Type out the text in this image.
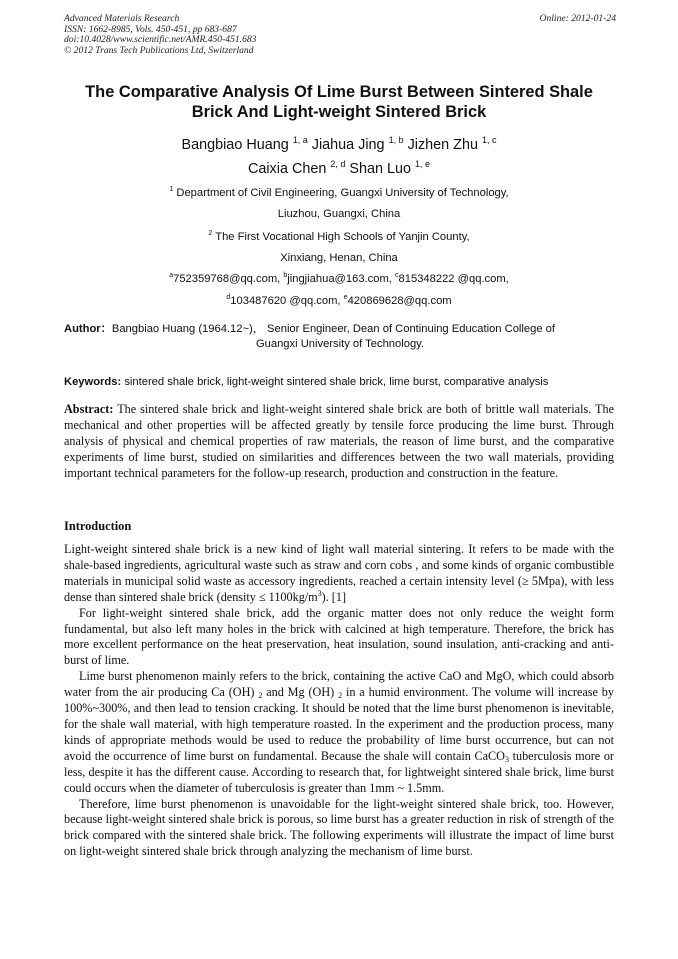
Advanced Materials Research
ISSN: 1662-8985, Vols. 450-451, pp 683-687
doi:10.4028/www.scientific.net/AMR.450-451.683
© 2012 Trans Tech Publications Ltd, Switzerland
Online: 2012-01-24
The Comparative Analysis Of Lime Burst Between Sintered Shale
Brick And Light-weight Sintered Brick
Bangbiao Huang $^{1, a}$ Jiahua Jing $^{1, b}$ Jizhen Zhu $^{1, c}$
Caixia Chen $^{2, d}$ Shan Luo $^{1, e}$
$^1$ Department of Civil Engineering, Guangxi University of Technology,
Liuzhou, Guangxi, China
$^2$ The First Vocational High Schools of Yanjin County,
Xinxiang, Henan, China
$^a$752359768@qq.com, $^b$jingjiahua@163.com, $^c$815348222 @qq.com,
$^d$103487620 @qq.com, $^e$420869628@qq.com
Author：Bangbiao Huang (1964.12~)， Senior Engineer, Dean of Continuing Education College of
Guangxi University of Technology.
Keywords: sintered shale brick, light-weight sintered shale brick, lime burst, comparative analysis
Abstract: The sintered shale brick and light-weight sintered shale brick are both of brittle wall materials. The mechanical and other properties will be affected greatly by tensile force producing the lime burst. Through analysis of physical and chemical properties of raw materials, the reason of lime burst, and the comparative experiments of lime burst, studied on similarities and differences between the two wall materials, providing important technical parameters for the follow-up research, production and construction in the feature.
Introduction

Light-weight sintered shale brick is a new kind of light wall material sintering. It refers to be made with the shale-based ingredients, agricultural waste such as straw and corn cobs , and some kinds of organic combustible materials in municipal solid waste as accessory ingredients, reached a certain intensity level (≥ 5Mpa), with less dense than sintered shale brick (density ≤ $1100kg/m^3$). [1]

For light-weight sintered shale brick, add the organic matter does not only reduce the weight form fundamental, but also left many holes in the brick with calcined at high temperature. Therefore, the brick has more excellent performance on the heat preservation, heat insulation, sound insulation, anti-cracking and anti-burst of lime.

Lime burst phenomenon mainly refers to the brick, containing the active CaO and MgO, which could absorb water from the air producing Ca (OH) $_2$ and Mg (OH) $_2$ in a humid environment. The volume will increase by 100%~300%, and then lead to tension cracking. It should be noted that the lime burst phenomenon is inevitable, for the shale wall material, with high temperature roasted. In the experiment and the production process, many kinds of appropriate methods would be used to reduce the probability of lime burst occurrence, but can not avoid the occurrence of lime burst on fundamental. Because the shale will contain CaCO$_3$ tuberculosis more or less, despite it has the different cause. According to research that, for lightweight sintered shale brick, lime burst could occurs when the diameter of tuberculosis is greater than 1mm ~ 1.5mm.

Therefore, lime burst phenomenon is unavoidable for the light-weight sintered shale brick, too. However, because light-weight sintered shale brick is porous, so lime burst has a greater reduction in risk of strength of the brick compared with the sintered shale brick. The following experiments will illustrate the impact of lime burst on light-weight sintered shale brick through analyzing the mechanism of lime burst.
